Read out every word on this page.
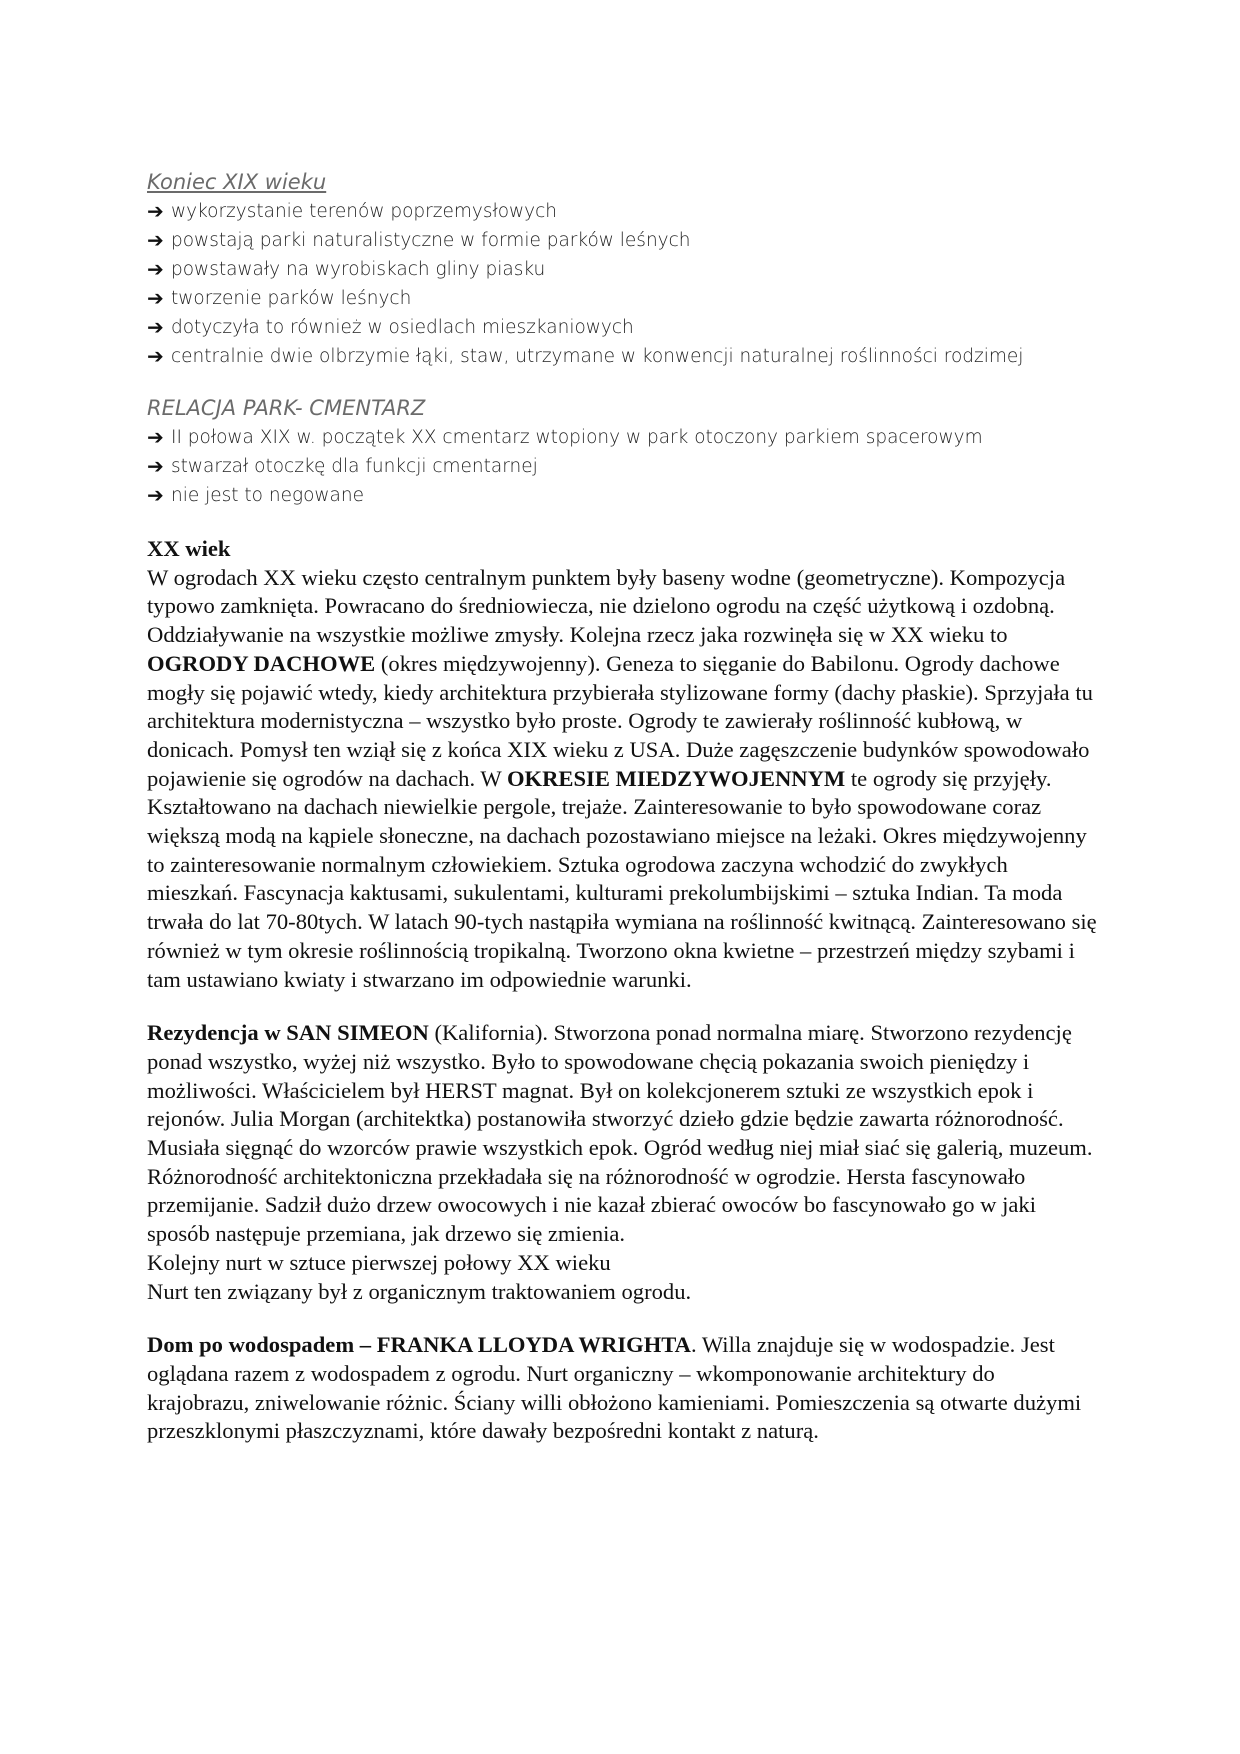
Koniec XIX wieku

➔ wykorzystanie terenów poprzemysłowych
➔ powstają parki naturalistyczne w formie parków leśnych
➔ powstawały na wyrobiskach gliny piasku
➔ tworzenie parków leśnych
➔ dotyczyła to również w osiedlach mieszkaniowych
➔ centralnie dwie olbrzymie łąki, staw, utrzymane w konwencji naturalnej roślinności rodzimej

RELACJA PARK- CMENTARZ

➔ II połowa XIX w. początek XX cmentarz wtopiony w park otoczony parkiem spacerowym
➔ stwarzał otoczkę dla funkcji cmentarnej
➔ nie jest to negowane

XX wiek

W ogrodach XX wieku często centralnym punktem były baseny wodne (geometryczne). Kompozycja typowo zamknięta. Powracano do średniowiecza, nie dzielono ogrodu na część użytkową i ozdobną. Oddziaływanie na wszystkie możliwe zmysły. Kolejna rzecz jaka rozwinęła się w XX wieku to OGRODY DACHOWE (okres międzywojenny). Geneza to sięganie do Babilonu. Ogrody dachowe mogły się pojawić wtedy, kiedy architektura przybierała stylizowane formy (dachy płaskie). Sprzyjała tu architektura modernistyczna – wszystko było proste. Ogrody te zawierały roślinność kubłową, w donicach. Pomysł ten wziął się z końca XIX wieku z USA. Duże zagęszczenie budynków spowodowało pojawienie się ogrodów na dachach. W OKRESIE MIEDZYWOJENNYM te ogrody się przyjęły. Kształtowano na dachach niewielkie pergole, trejaże. Zainteresowanie to było spowodowane coraz większą modą na kąpiele słoneczne, na dachach pozostawiano miejsce na leżaki. Okres międzywojenny to zainteresowanie normalnym człowiekiem. Sztuka ogrodowa zaczyna wchodzić do zwykłych mieszkań. Fascynacja kaktusami, sukulentami, kulturami prekolumbijskimi – sztuka Indian. Ta moda trwała do lat 70-80tych. W latach 90-tych nastąpiła wymiana na roślinność kwitnącą. Zainteresowano się również w tym okresie roślinnością tropikalną. Tworzono okna kwietne – przestrzeń między szybami i tam ustawiano kwiaty i stwarzano im odpowiednie warunki.

Rezydencja w SAN SIMEON (Kalifornia). Stworzona ponad normalna miarę. Stworzono rezydencję ponad wszystko, wyżej niż wszystko. Było to spowodowane chęcią pokazania swoich pieniędzy i możliwości. Właścicielem był HERST magnat. Był on kolekcjonerem sztuki ze wszystkich epok i rejonów. Julia Morgan (architektka) postanowiła stworzyć dzieło gdzie będzie zawarta różnorodność. Musiała sięgnąć do wzorców prawie wszystkich epok. Ogród według niej miał siać się galerią, muzeum. Różnorodność architektoniczna przekładała się na różnorodność w ogrodzie. Hersta fascynowało przemijanie. Sadził dużo drzew owocowych i nie kazał zbierać owoców bo fascynowało go w jaki sposób następuje przemiana, jak drzewo się zmienia.

Kolejny nurt w sztuce pierwszej połowy XX wieku

Nurt ten związany był z organicznym traktowaniem ogrodu.

Dom po wodospadem – FRANKA LLOYDA WRIGHTA. Willa znajduje się w wodospadzie. Jest oglądana razem z wodospadem z ogrodu. Nurt organiczny – wkomponowanie architektury do krajobrazu, zniwelowanie różnic. Ściany willi obłożono kamieniami. Pomieszczenia są otwarte dużymi przeszklonymi płaszczyznami, które dawały bezpośredni kontakt z naturą.
